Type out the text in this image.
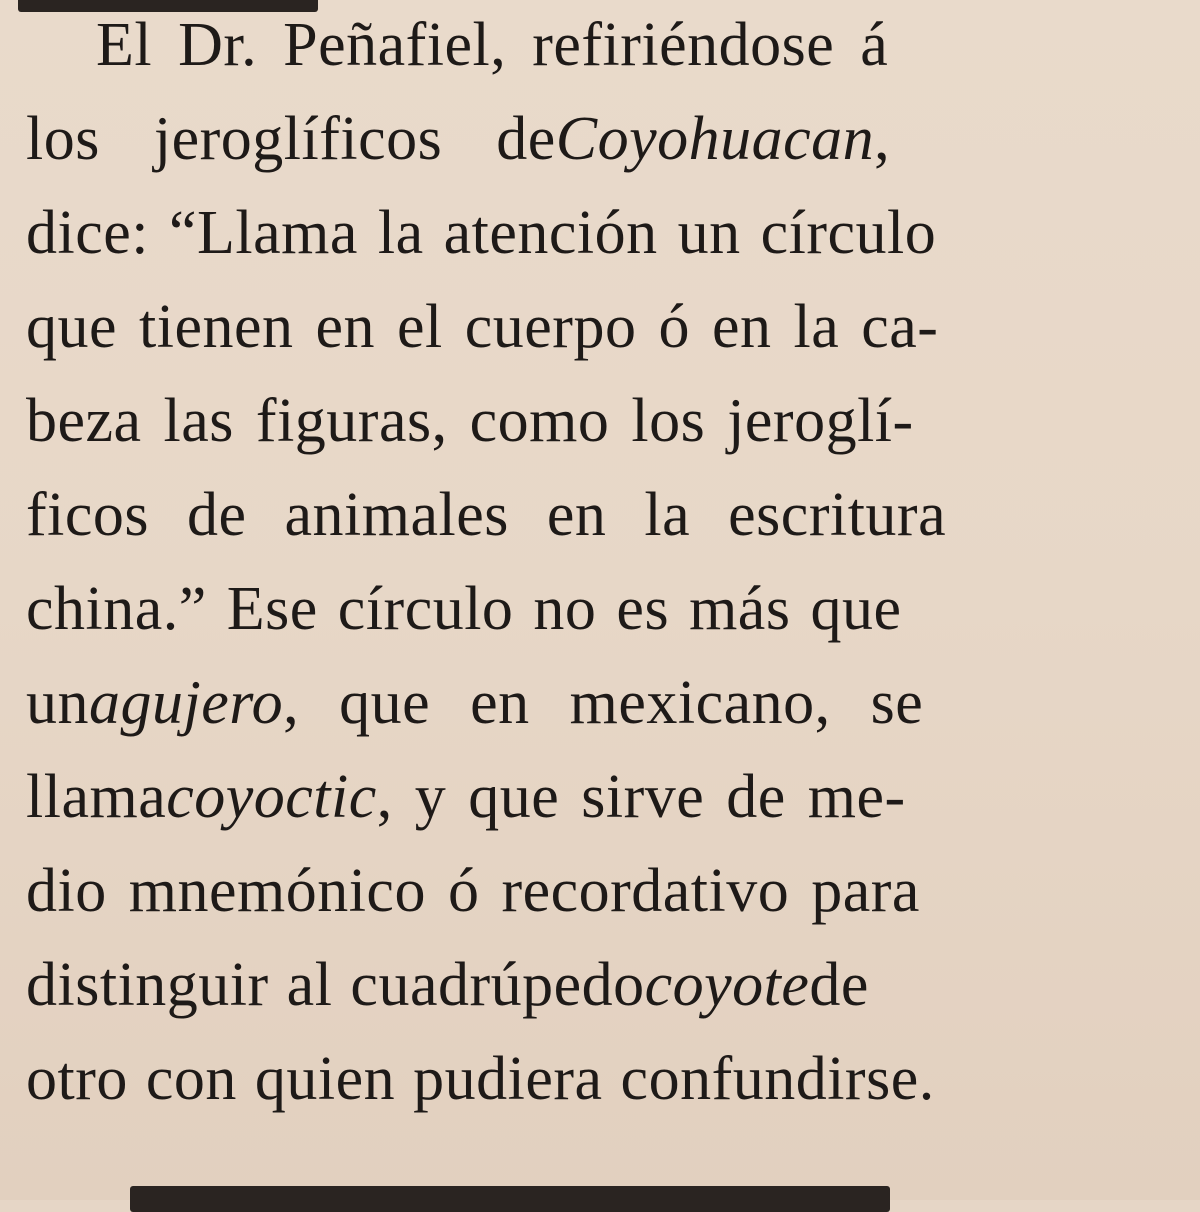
El Dr. Peñafiel, refiriéndose á
los jeroglíficos deCoyohuacan,
dice: “Llama la atención un círculo
que tienen en el cuerpo ó en la ca-
beza las figuras, como los jeroglí-
ficos de animales en la escritura
china.” Ese círculo no es más que
unagujero, que en mexicano, se
llamacoyoctic, y que sirve de me-
dio mnemónico ó recordativo para
distinguir al cuadrúpedocoyotede
otro con quien pudiera confundirse.
